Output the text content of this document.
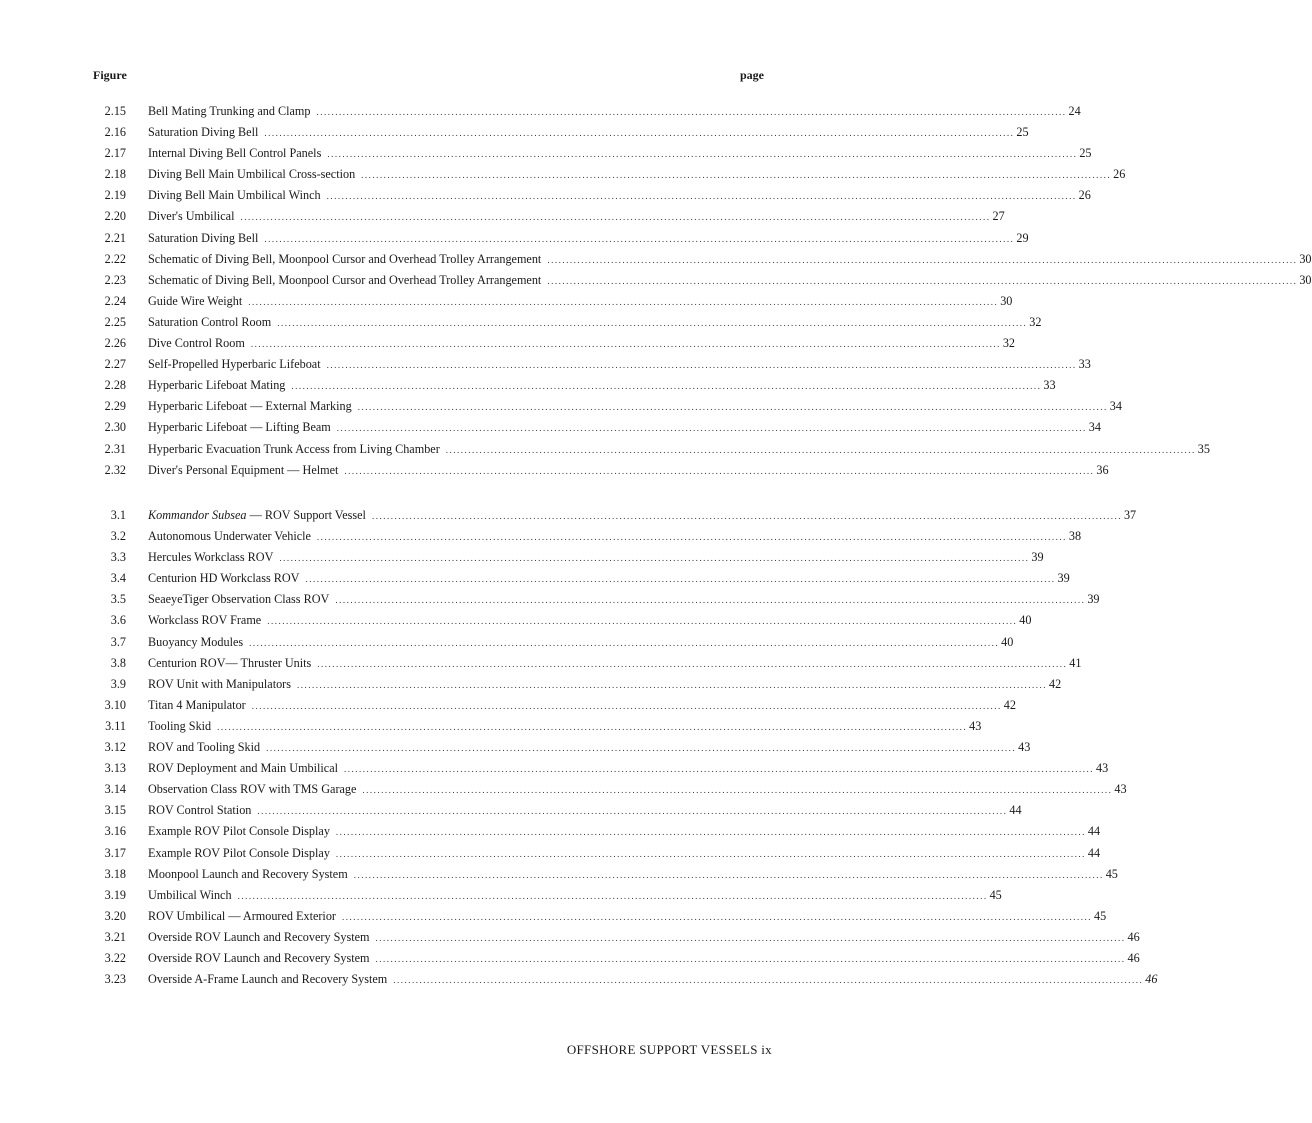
Figure	page
2.15 Bell Mating Trunking and Clamp ........................................................................................................................................................................................................ 24
2.16 Saturation Diving Bell ........................................................................................................................................................................................................ 25
2.17 Internal Diving Bell Control Panels ........................................................................................................................................................................................................ 25
2.18 Diving Bell Main Umbilical Cross-section ........................................................................................................................................................................................................ 26
2.19 Diving Bell Main Umbilical Winch ........................................................................................................................................................................................................ 26
2.20 Diver's Umbilical ........................................................................................................................................................................................................ 27
2.21 Saturation Diving Bell ........................................................................................................................................................................................................ 29
2.22 Schematic of Diving Bell, Moonpool Cursor and Overhead Trolley Arrangement ........................................................................................................................................................................................................ 30
2.23 Schematic of Diving Bell, Moonpool Cursor and Overhead Trolley Arrangement ........................................................................................................................................................................................................ 30
2.24 Guide Wire Weight ........................................................................................................................................................................................................ 30
2.25 Saturation Control Room ........................................................................................................................................................................................................ 32
2.26 Dive Control Room ........................................................................................................................................................................................................ 32
2.27 Self-Propelled Hyperbaric Lifeboat ........................................................................................................................................................................................................ 33
2.28 Hyperbaric Lifeboat Mating ........................................................................................................................................................................................................ 33
2.29 Hyperbaric Lifeboat — External Marking ........................................................................................................................................................................................................ 34
2.30 Hyperbaric Lifeboat — Lifting Beam ........................................................................................................................................................................................................ 34
2.31 Hyperbaric Evacuation Trunk Access from Living Chamber ........................................................................................................................................................................................................ 35
2.32 Diver's Personal Equipment — Helmet ........................................................................................................................................................................................................ 36
3.1 Kommandor Subsea — ROV Support Vessel ........................................................................................................................................................................................................ 37
3.2 Autonomous Underwater Vehicle ........................................................................................................................................................................................................ 38
3.3 Hercules Workclass ROV ........................................................................................................................................................................................................ 39
3.4 Centurion HD Workclass ROV ........................................................................................................................................................................................................ 39
3.5 SeaeyeTiger Observation Class ROV ........................................................................................................................................................................................................ 39
3.6 Workclass ROV Frame ........................................................................................................................................................................................................ 40
3.7 Buoyancy Modules ........................................................................................................................................................................................................ 40
3.8 Centurion ROV— Thruster Units ........................................................................................................................................................................................................ 41
3.9 ROV Unit with Manipulators ........................................................................................................................................................................................................ 42
3.10 Titan 4 Manipulator ........................................................................................................................................................................................................ 42
3.11 Tooling Skid ........................................................................................................................................................................................................ 43
3.12 ROV and Tooling Skid ........................................................................................................................................................................................................ 43
3.13 ROV Deployment and Main Umbilical ........................................................................................................................................................................................................ 43
3.14 Observation Class ROV with TMS Garage ........................................................................................................................................................................................................ 43
3.15 ROV Control Station ........................................................................................................................................................................................................ 44
3.16 Example ROV Pilot Console Display ........................................................................................................................................................................................................ 44
3.17 Example ROV Pilot Console Display ........................................................................................................................................................................................................ 44
3.18 Moonpool Launch and Recovery System ........................................................................................................................................................................................................ 45
3.19 Umbilical Winch ........................................................................................................................................................................................................ 45
3.20 ROV Umbilical — Armoured Exterior ........................................................................................................................................................................................................ 45
3.21 Overside ROV Launch and Recovery System ........................................................................................................................................................................................................ 46
3.22 Overside ROV Launch and Recovery System ........................................................................................................................................................................................................ 46
3.23 Overside A-Frame Launch and Recovery System ........................................................................................................................................................................................................ 46
OFFSHORE SUPPORT VESSELS ix
